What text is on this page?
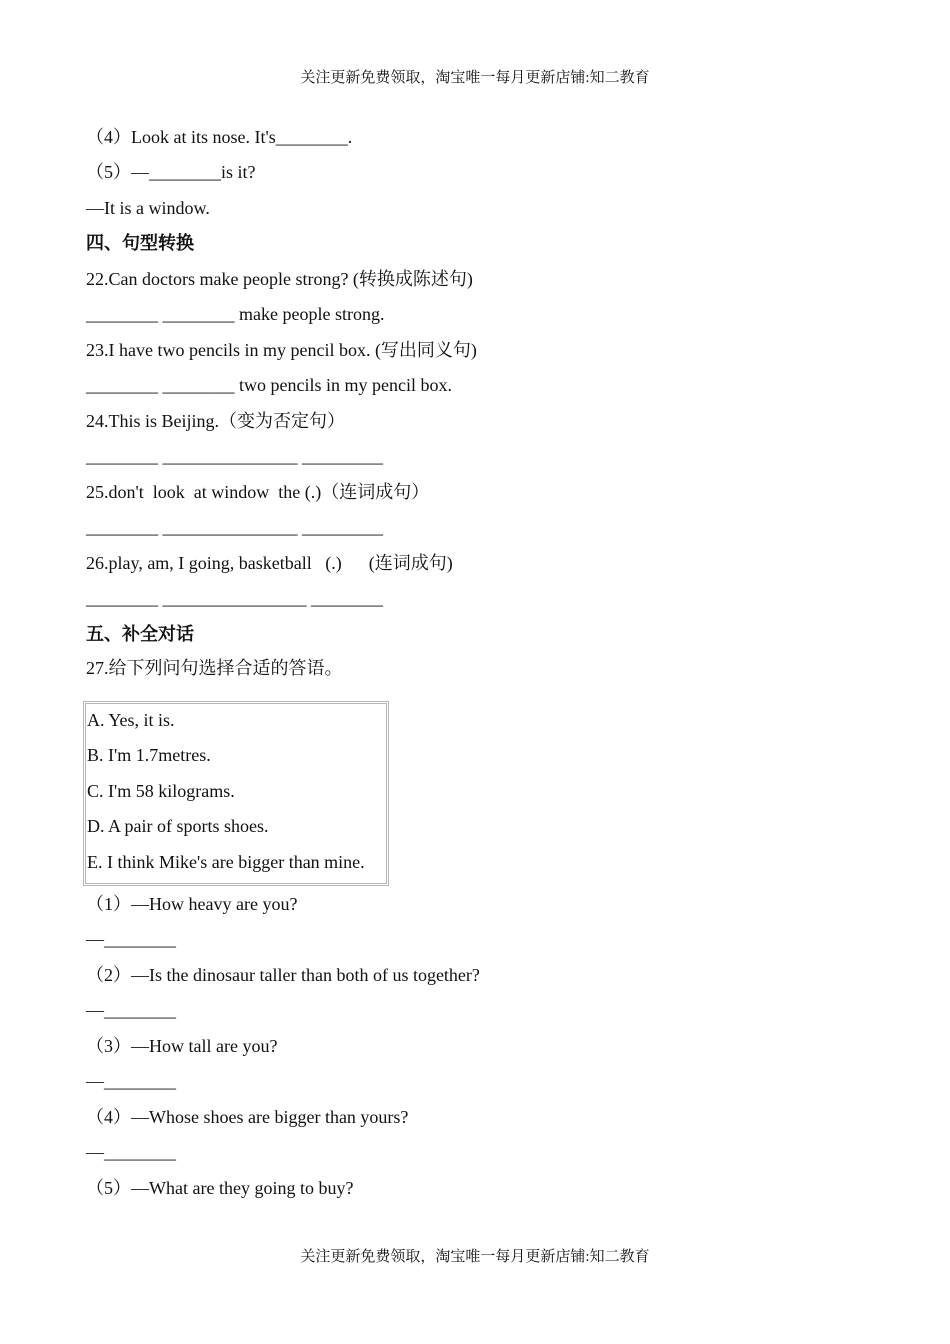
关注更新免费领取，淘宝唯一每月更新店铺:知二教育
（4）Look at its nose. It's________.
（5）—________is it?
—It is a window.
四、句型转换
22.Can doctors make people strong? (转换成陈述句)
________ ________ make people strong.
23.I have two pencils in my pencil box. (写出同义句)
________ ________ two pencils in my pencil box.
24.This is Beijing.（变为否定句）
________ _______________ _________
25.don't  look  at window  the (.)（连词成句）
________ _______________ _________
26.play, am, I going, basketball   (.)      (连词成句)
________ ________________ ________
五、补全对话
27.给下列问句选择合适的答语。
A. Yes, it is.
B. I'm 1.7metres.
C. I'm 58 kilograms.
D. A pair of sports shoes.
E. I think Mike's are bigger than mine.
（1）—How heavy are you?
—________
（2）—Is the dinosaur taller than both of us together?
—________
（3）—How tall are you?
—________
（4）—Whose shoes are bigger than yours?
—________
（5）—What are they going to buy?
关注更新免费领取，淘宝唯一每月更新店铺:知二教育
